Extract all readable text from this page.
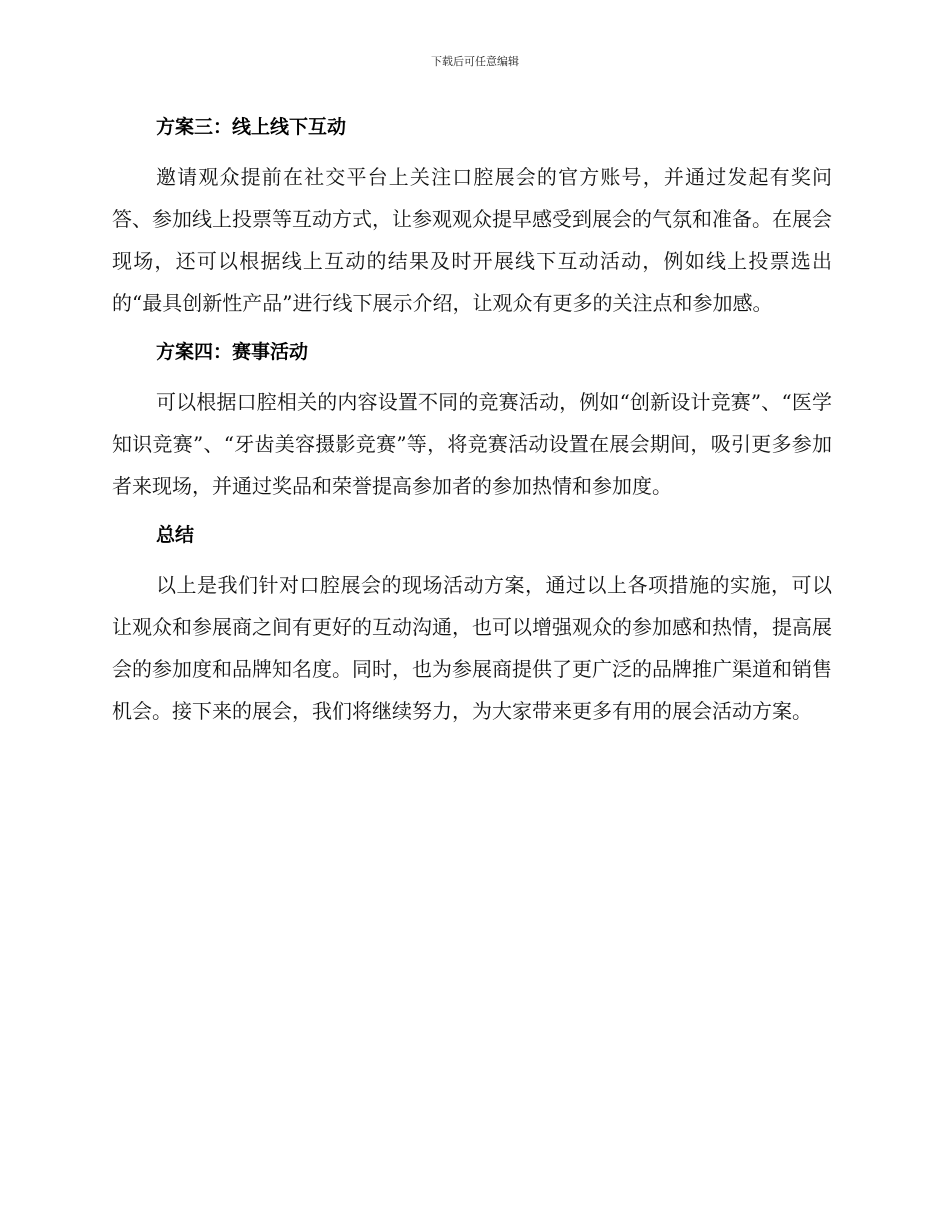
下载后可任意编辑

方案三：线上线下互动

邀请观众提前在社交平台上关注口腔展会的官方账号，并通过发起有奖问答、参加线上投票等互动方式，让参观观众提早感受到展会的气氛和准备。在展会现场，还可以根据线上互动的结果及时开展线下互动活动，例如线上投票选出的“最具创新性产品”进行线下展示介绍，让观众有更多的关注点和参加感。

方案四：赛事活动

可以根据口腔相关的内容设置不同的竞赛活动，例如“创新设计竞赛”、“医学知识竞赛”、“牙齿美容摄影竞赛”等，将竞赛活动设置在展会期间，吸引更多参加者来现场，并通过奖品和荣誉提高参加者的参加热情和参加度。

总结

以上是我们针对口腔展会的现场活动方案，通过以上各项措施的实施，可以让观众和参展商之间有更好的互动沟通，也可以增强观众的参加感和热情，提高展会的参加度和品牌知名度。同时，也为参展商提供了更广泛的品牌推广渠道和销售机会。接下来的展会，我们将继续努力，为大家带来更多有用的展会活动方案。
